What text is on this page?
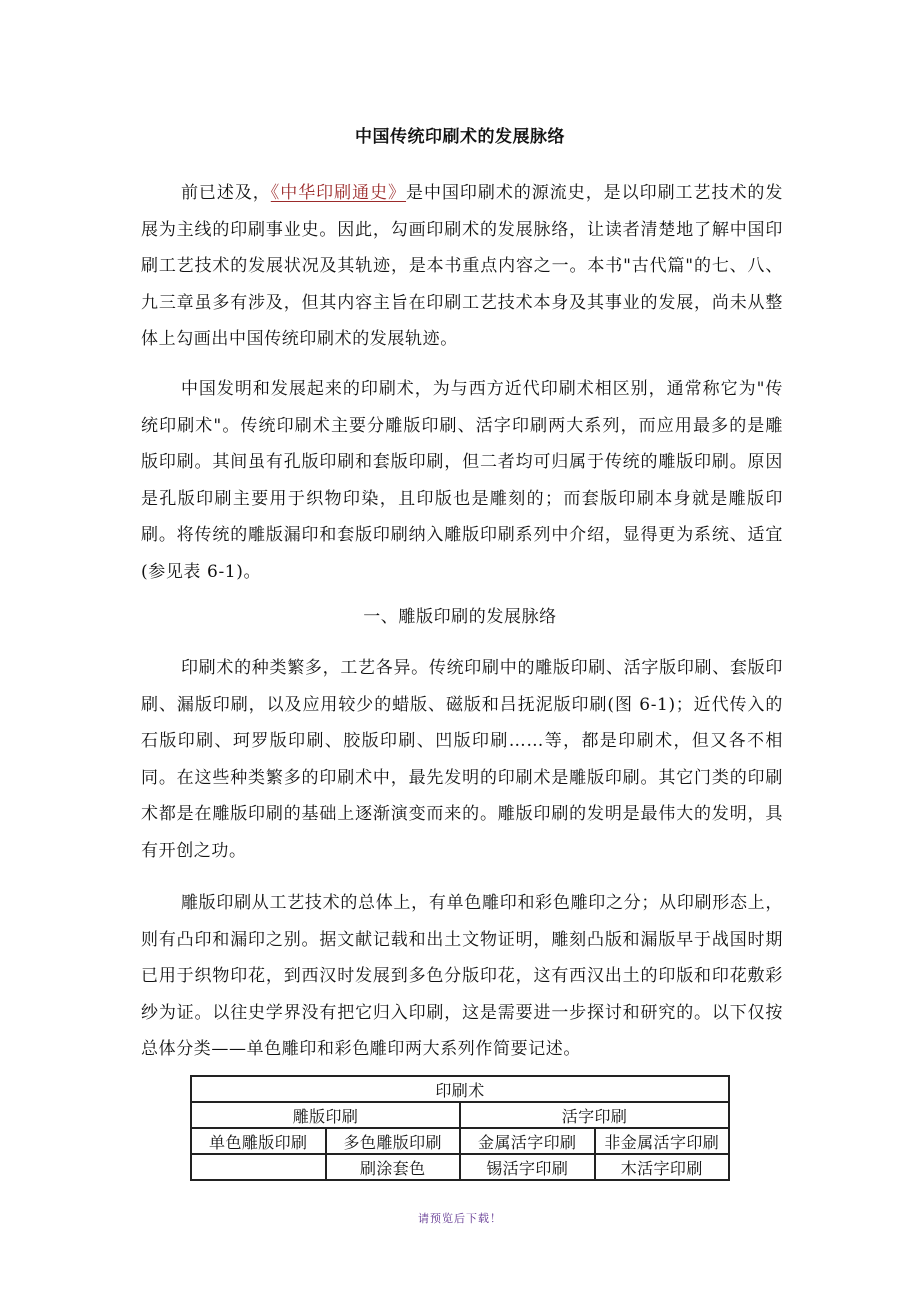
中国传统印刷术的发展脉络

前已述及，《中华印刷通史》是中国印刷术的源流史，是以印刷工艺技术的发展为主线的印刷事业史。因此，勾画印刷术的发展脉络，让读者清楚地了解中国印刷工艺技术的发展状况及其轨迹，是本书重点内容之一。本书"古代篇"的七、八、九三章虽多有涉及，但其内容主旨在印刷工艺技术本身及其事业的发展，尚未从整体上勾画出中国传统印刷术的发展轨迹。

中国发明和发展起来的印刷术，为与西方近代印刷术相区别，通常称它为"传统印刷术"。传统印刷术主要分雕版印刷、活字印刷两大系列，而应用最多的是雕版印刷。其间虽有孔版印刷和套版印刷，但二者均可归属于传统的雕版印刷。原因是孔版印刷主要用于织物印染，且印版也是雕刻的；而套版印刷本身就是雕版印刷。将传统的雕版漏印和套版印刷纳入雕版印刷系列中介绍，显得更为系统、适宜(参见表 6-1)。

一、雕版印刷的发展脉络

印刷术的种类繁多，工艺各异。传统印刷中的雕版印刷、活字版印刷、套版印刷、漏版印刷，以及应用较少的蜡版、磁版和吕抚泥版印刷(图 6-1)；近代传入的石版印刷、珂罗版印刷、胶版印刷、凹版印刷……等，都是印刷术，但又各不相同。在这些种类繁多的印刷术中，最先发明的印刷术是雕版印刷。其它门类的印刷术都是在雕版印刷的基础上逐渐演变而来的。雕版印刷的发明是最伟大的发明，具有开创之功。

雕版印刷从工艺技术的总体上，有单色雕印和彩色雕印之分；从印刷形态上，则有凸印和漏印之别。据文献记载和出土文物证明，雕刻凸版和漏版早于战国时期已用于织物印花，到西汉时发展到多色分版印花，这有西汉出土的印版和印花敷彩纱为证。以往史学界没有把它归入印刷，这是需要进一步探讨和研究的。以下仅按总体分类——单色雕印和彩色雕印两大系列作简要记述。

印刷术			
雕版印刷		活字印刷	
单色雕版印刷	多色雕版印刷	金属活字印刷	非金属活字印刷
	刷涂套色	锡活字印刷	木活字印刷
请预览后下载！
